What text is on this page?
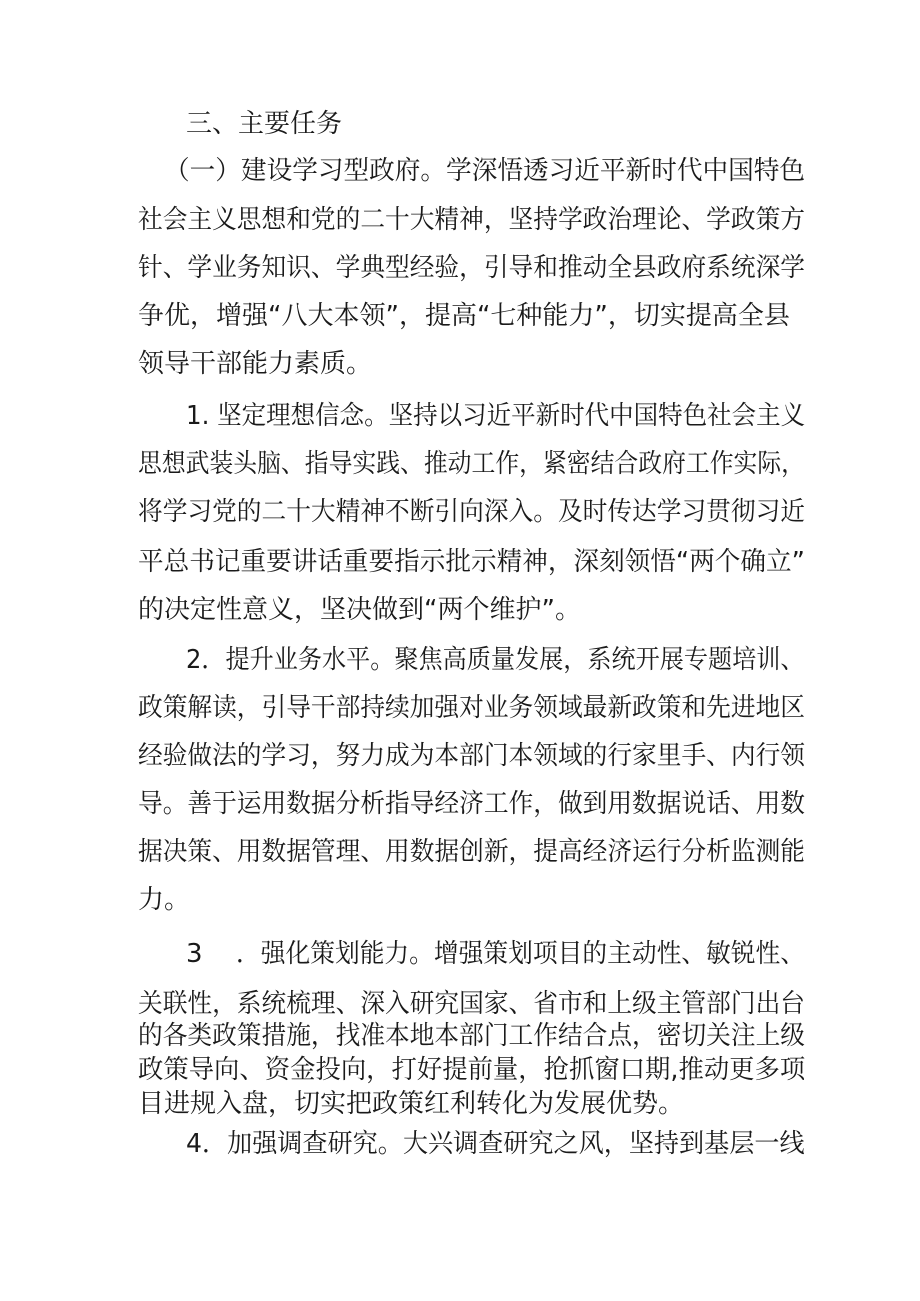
三、主要任务
（一）建设学习型政府。学深悟透习近平新时代中国特色
社会主义思想和党的二十大精神，坚持学政治理论、学政策方
针、学业务知识、学典型经验，引导和推动全县政府系统深学
争优，增强“八大本领”，提高“七种能力”，切实提高全县
领导干部能力素质。
1. 坚定理想信念。坚持以习近平新时代中国特色社会主义
思想武装头脑、指导实践、推动工作，紧密结合政府工作实际，
将学习党的二十大精神不断引向深入。及时传达学习贯彻习近
平总书记重要讲话重要指示批示精神，深刻领悟“两个确立”
的决定性意义，坚决做到“两个维护”。
2．提升业务水平。聚焦高质量发展，系统开展专题培训、
政策解读，引导干部持续加强对业务领域最新政策和先进地区
经验做法的学习，努力成为本部门本领域的行家里手、内行领
导。善于运用数据分析指导经济工作，做到用数据说话、用数
据决策、用数据管理、用数据创新，提高经济运行分析监测能
力。
3 ．强化策划能力。增强策划项目的主动性、敏锐性、
关联性，系统梳理、深入研究国家、省市和上级主管部门出台
的各类政策措施，找准本地本部门工作结合点，密切关注上级
政策导向、资金投向，打好提前量，抢抓窗口期,推动更多项
目进规入盘，切实把政策红利转化为发展优势。
4．加强调查研究。大兴调查研究之风，坚持到基层一线
